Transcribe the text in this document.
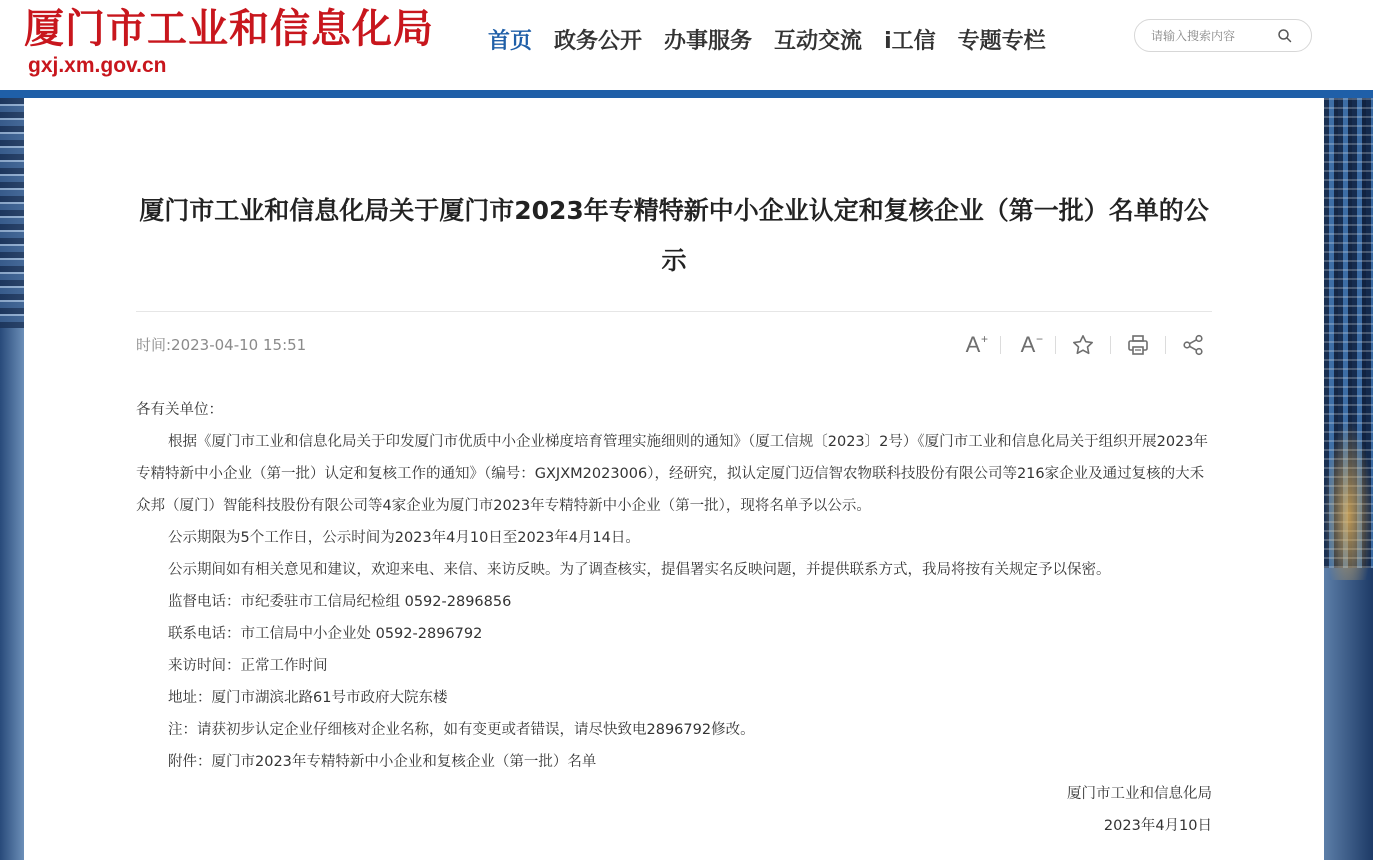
厦门市工业和信息化局
gxj.xm.gov.cn
首页 政务公开 办事服务 互动交流 i工信 专题专栏
请输入搜索内容
厦门市工业和信息化局关于厦门市2023年专精特新中小企业认定和复核企业（第一批）名单的公示
时间:2023-04-10 15:51	A+ A−

各有关单位：

根据《厦门市工业和信息化局关于印发厦门市优质中小企业梯度培育管理实施细则的通知》（厦工信规〔2023〕2号）《厦门市工业和信息化局关于组织开展2023年专精特新中小企业（第一批）认定和复核工作的通知》（编号：GXJXM2023006），经研究，拟认定厦门迈信智农物联科技股份有限公司等216家企业及通过复核的大禾众邦（厦门）智能科技股份有限公司等4家企业为厦门市2023年专精特新中小企业（第一批），现将名单予以公示。

公示期限为5个工作日，公示时间为2023年4月10日至2023年4月14日。

公示期间如有相关意见和建议，欢迎来电、来信、来访反映。为了调查核实，提倡署实名反映问题，并提供联系方式，我局将按有关规定予以保密。

监督电话：市纪委驻市工信局纪检组 0592-2896856

联系电话：市工信局中小企业处 0592-2896792

来访时间：正常工作时间

地址：厦门市湖滨北路61号市政府大院东楼

注：请获初步认定企业仔细核对企业名称，如有变更或者错误，请尽快致电2896792修改。

附件：厦门市2023年专精特新中小企业和复核企业（第一批）名单

厦门市工业和信息化局

2023年4月10日
